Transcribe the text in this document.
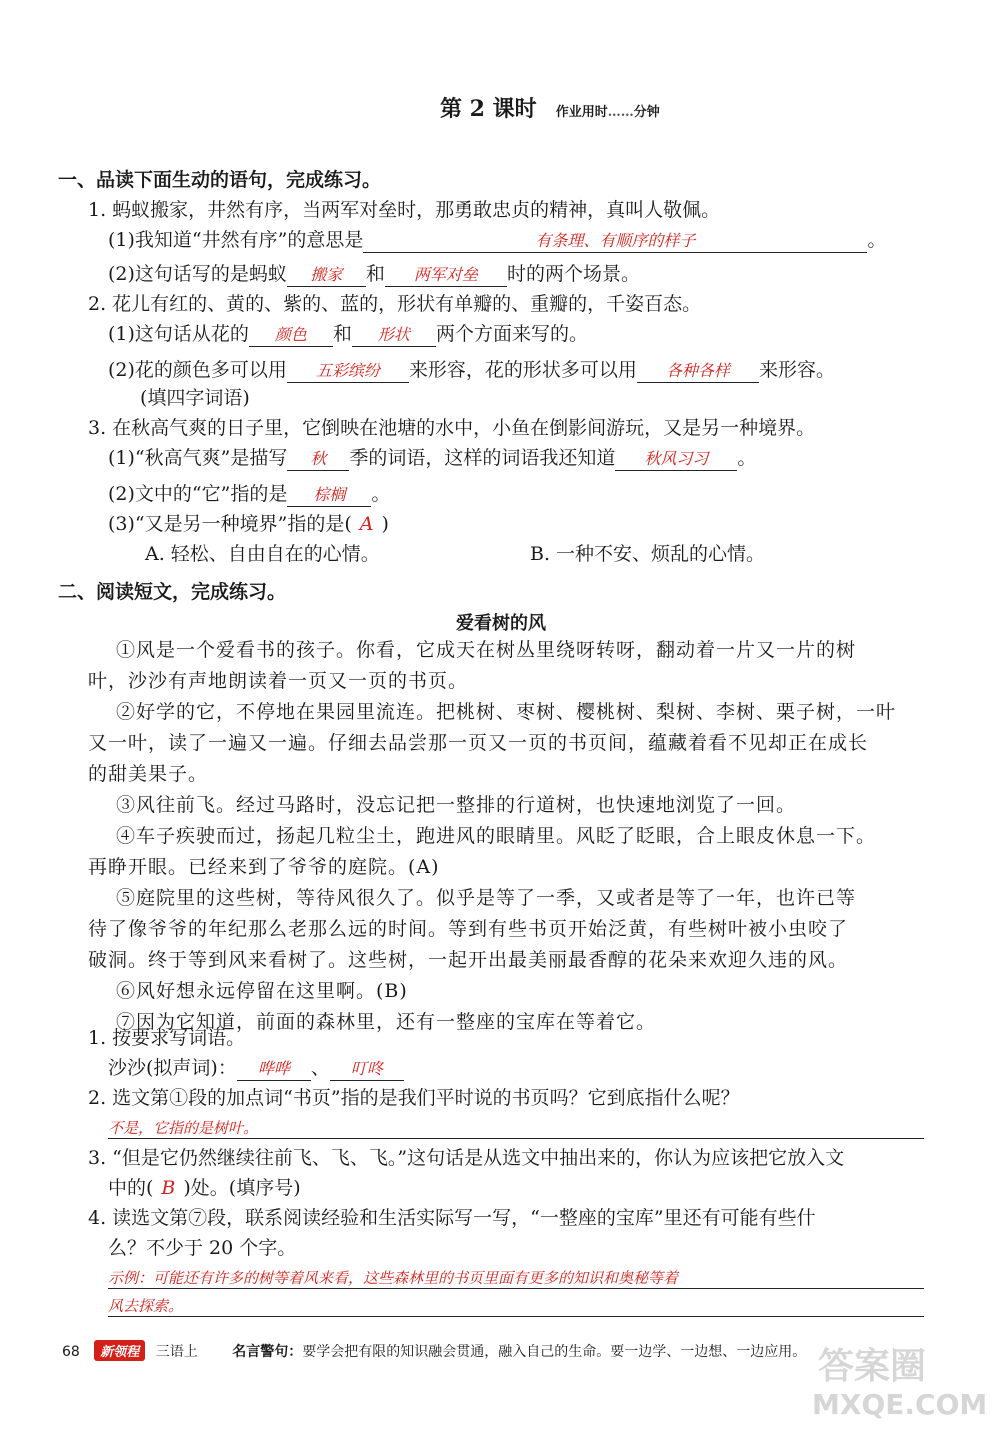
第 2 课时 作业用时……分钟
一、品读下面生动的语句，完成练习。
1. 蚂蚁搬家，井然有序，当两军对垒时，那勇敢忠贞的精神，真叫人敬佩。
(1)我知道“井然有序”的意思是	有条理、有顺序的样子	。
(2)这句话写的是蚂蚁 搬家 和 两军对垒 时的两个场景。
2. 花儿有红的、黄的、紫的、蓝的，形状有单瓣的、重瓣的，千姿百态。
(1)这句话从花的 颜色 和 形状 两个方面来写的。
(2)花的颜色多可以用 五彩缤纷 来形容，花的形状多可以用 各种各样 来形容。
(填四字词语)
3. 在秋高气爽的日子里，它倒映在池塘的水中，小鱼在倒影间游玩，又是另一种境界。
(1)“秋高气爽”是描写 秋 季的词语，这样的词语我还知道 秋风习习 。
(2)文中的“它”指的是 棕榈 。
(3)“又是另一种境界”指的是( A )
A. 轻松、自由自在的心情。	B. 一种不安、烦乱的心情。
二、阅读短文，完成练习。
爱看树的风
①风是一个爱看书的孩子。你看，它成天在树丛里绕呀转呀，翻动着一片又一片的树
叶，沙沙有声地朗读着一页又一页的书页。
②好学的它，不停地在果园里流连。把桃树、枣树、樱桃树、梨树、李树、栗子树，一叶
又一叶，读了一遍又一遍。仔细去品尝那一页又一页的书页间，蕴藏着看不见却正在成长
的甜美果子。
③风往前飞。经过马路时，没忘记把一整排的行道树，也快速地浏览了一回。
④车子疾驶而过，扬起几粒尘土，跑进风的眼睛里。风眨了眨眼，合上眼皮休息一下。
再睁开眼。已经来到了爷爷的庭院。(A)
⑤庭院里的这些树，等待风很久了。似乎是等了一季，又或者是等了一年，也许已等
待了像爷爷的年纪那么老那么远的时间。等到有些书页开始泛黄，有些树叶被小虫咬了
破洞。终于等到风来看树了。这些树，一起开出最美丽最香醇的花朵来欢迎久违的风。
⑥风好想永远停留在这里啊。(B)
⑦因为它知道，前面的森林里，还有一整座的宝库在等着它。
1. 按要求写词语。
沙沙(拟声词)： 哗哗 、 叮咚
2. 选文第①段的加点词“书页”指的是我们平时说的书页吗？它到底指什么呢？
不是，它指的是树叶。
3. “但是它仍然继续往前飞、飞、飞。”这句话是从选文中抽出来的，你认为应该把它放入文
中的( B )处。(填序号)
4. 读选文第⑦段，联系阅读经验和生活实际写一写，“一整座的宝库”里还有可能有些什
么？不少于 20 个字。
示例：可能还有许多的树等着风来看，这些森林里的书页里面有更多的知识和奥秘等着
风去探索。
68 新领程 三语上 名言警句：要学会把有限的知识融会贯通，融入自己的生命。要一边学、一边想、一边应用。 答案圈
MXQE.COM
